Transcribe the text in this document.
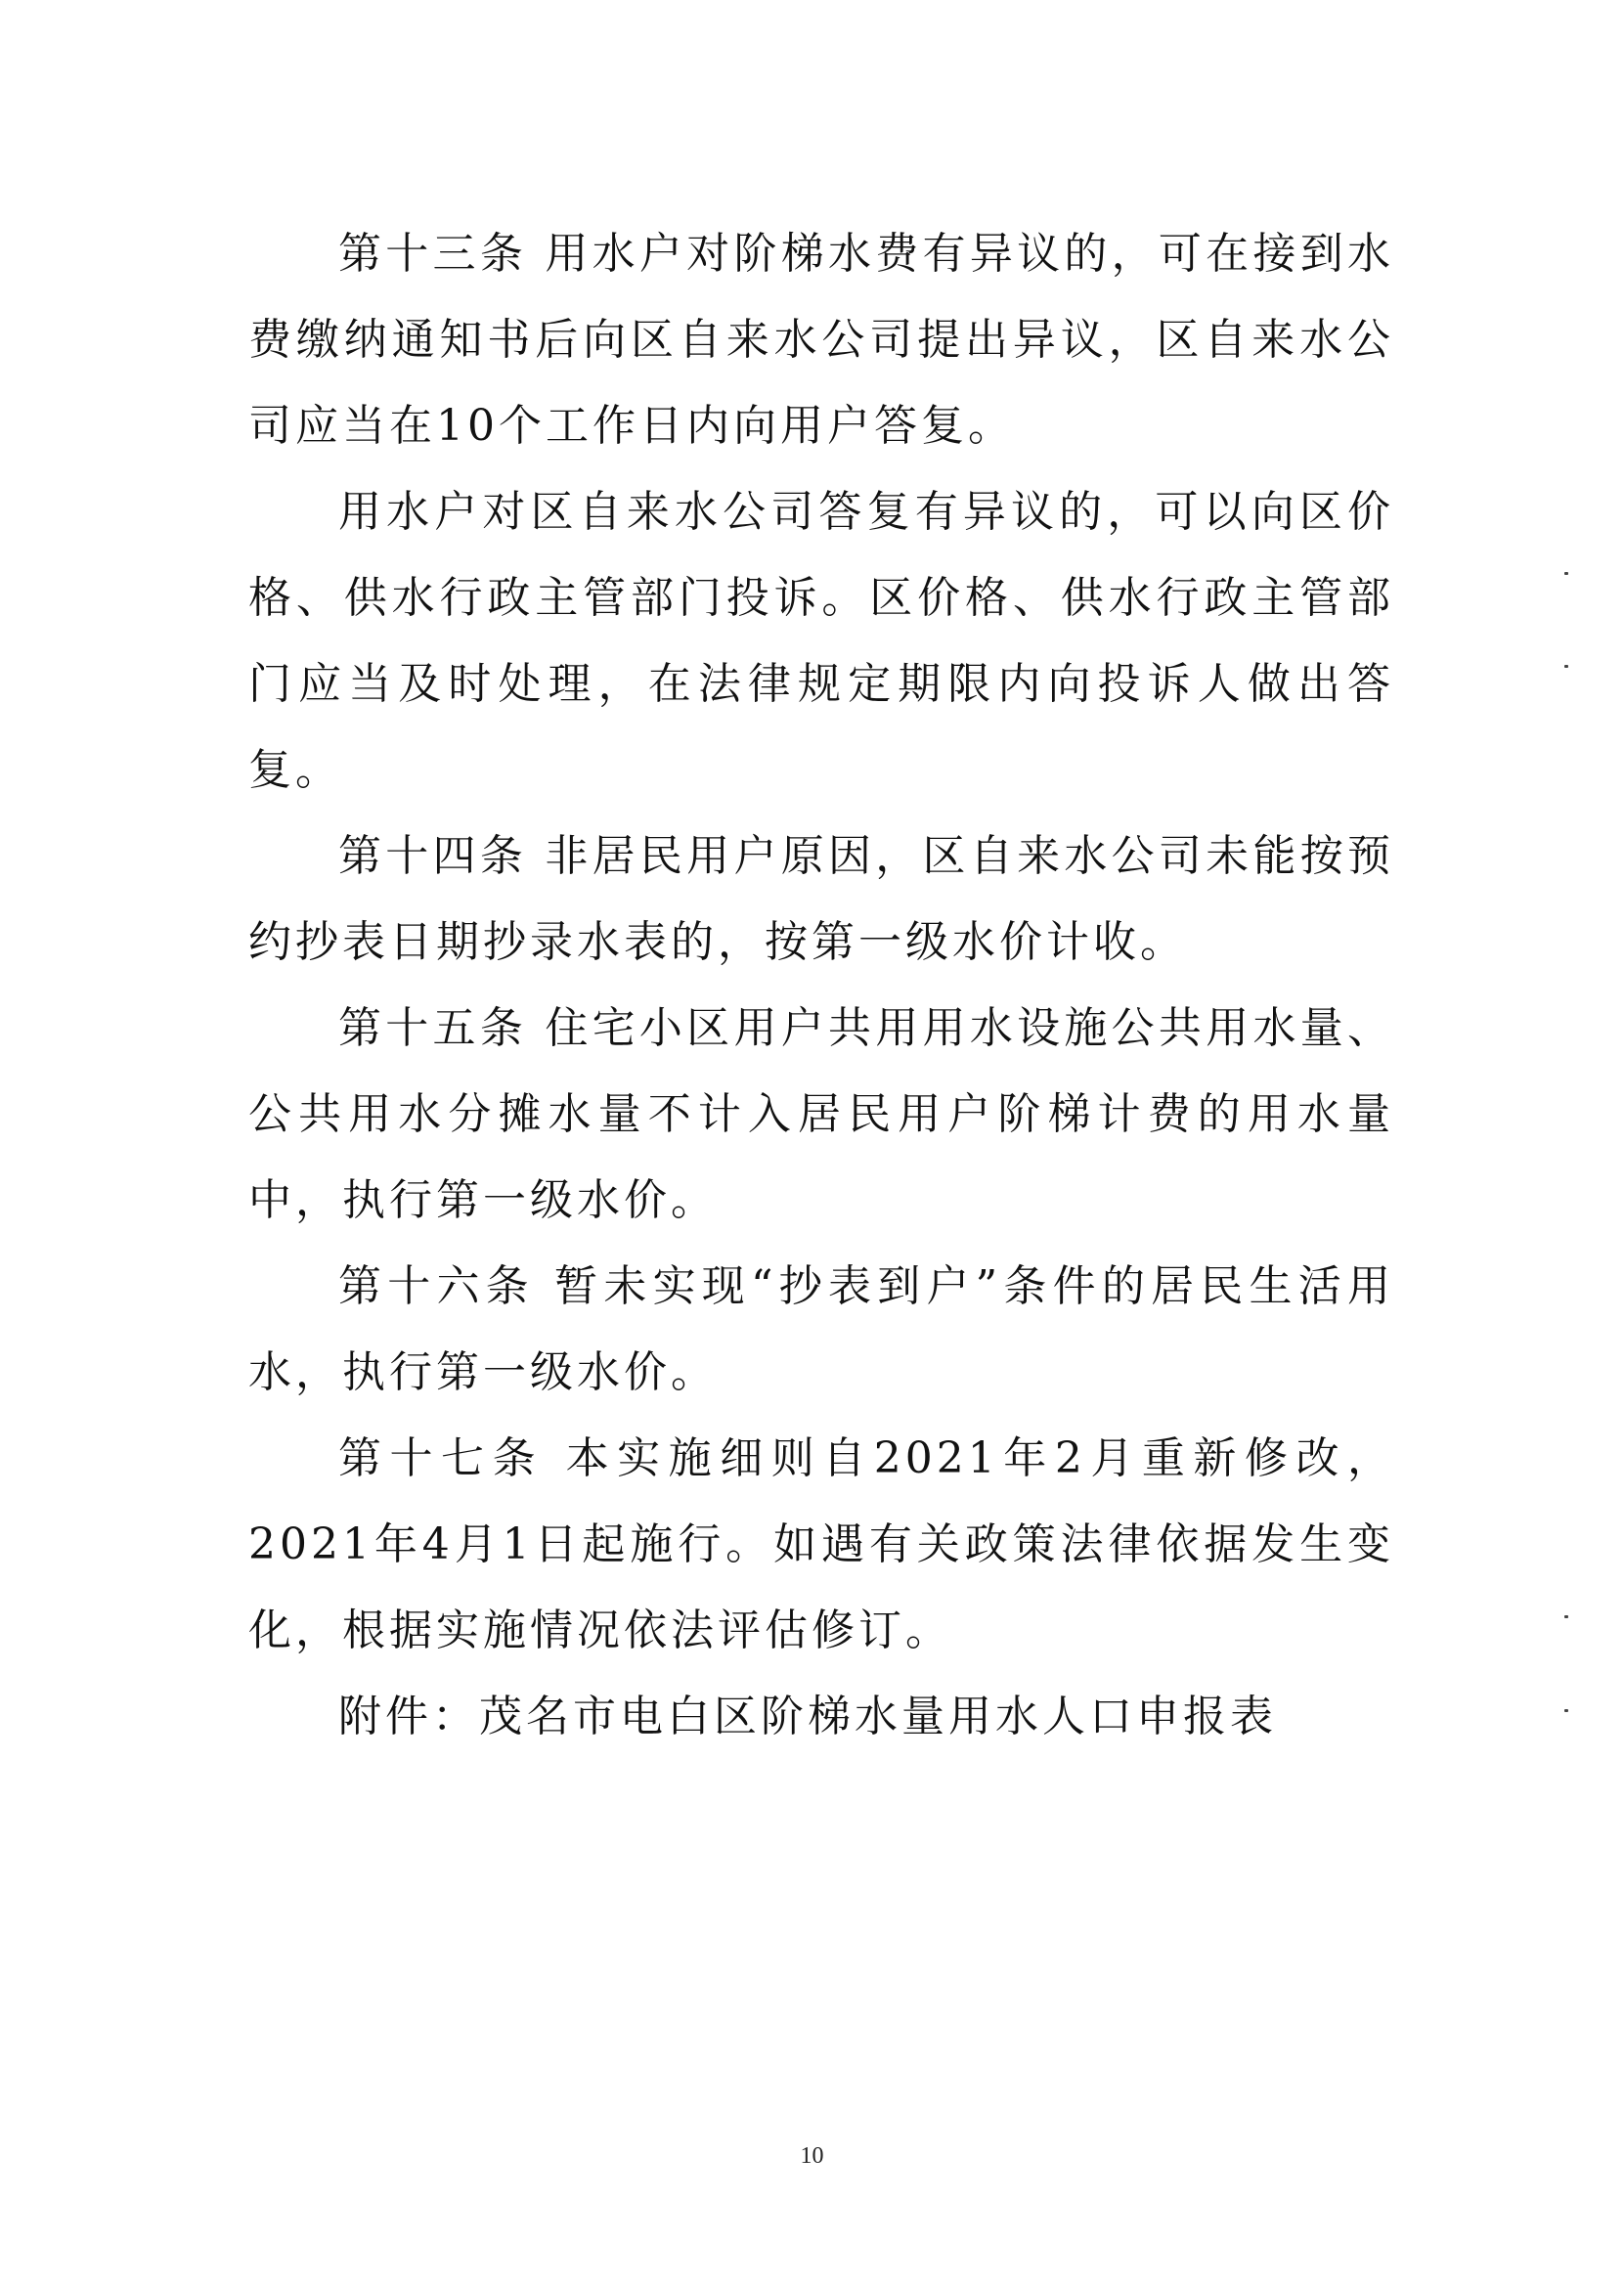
第十三条 用水户对阶梯水费有异议的，可在接到水费缴纳通知书后向区自来水公司提出异议，区自来水公司应当在10个工作日内向用户答复。

用水户对区自来水公司答复有异议的，可以向区价格、供水行政主管部门投诉。区价格、供水行政主管部门应当及时处理，在法律规定期限内向投诉人做出答复。

第十四条 非居民用户原因，区自来水公司未能按预约抄表日期抄录水表的，按第一级水价计收。

第十五条 住宅小区用户共用用水设施公共用水量、公共用水分摊水量不计入居民用户阶梯计费的用水量中，执行第一级水价。

第十六条 暂未实现“抄表到户”条件的居民生活用水，执行第一级水价。

第十七条 本实施细则自2021年2月重新修改，2021年4月1日起施行。如遇有关政策法律依据发生变化，根据实施情况依法评估修订。

附件：茂名市电白区阶梯水量用水人口申报表

10
